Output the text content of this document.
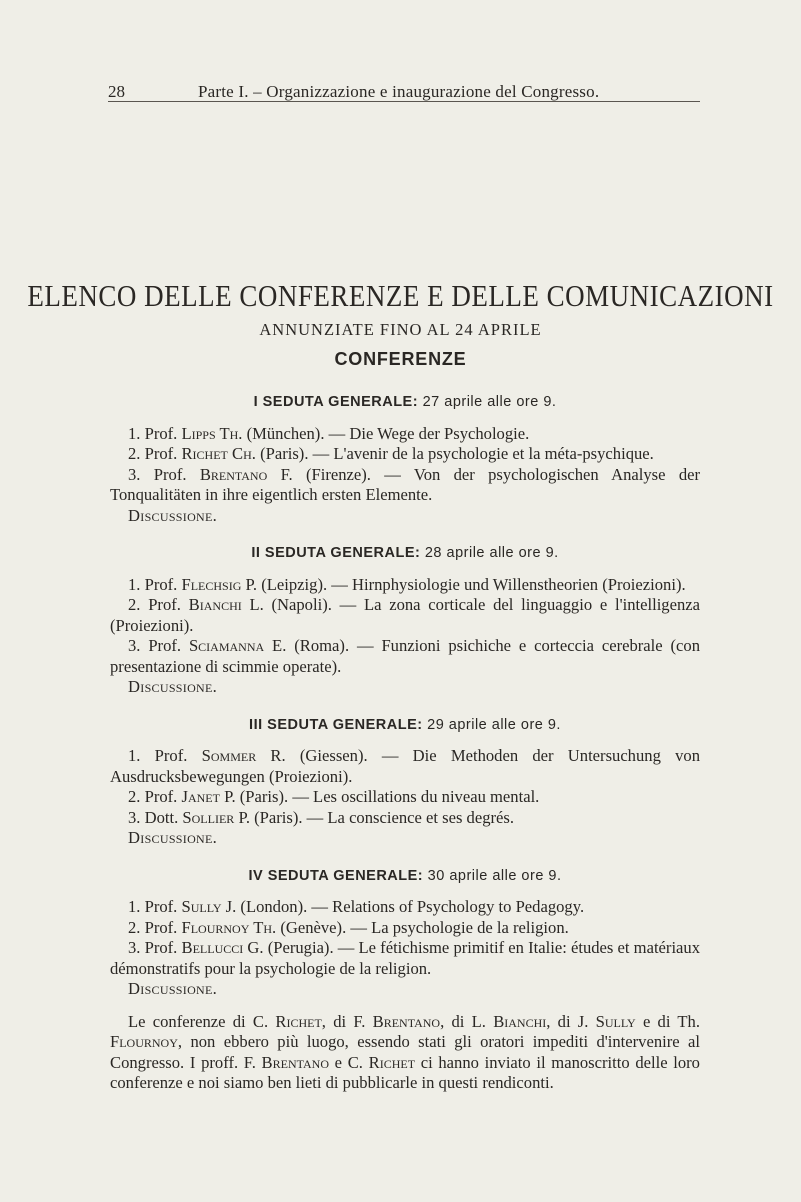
28	Parte I. – Organizzazione e inaugurazione del Congresso.
ELENCO DELLE CONFERENZE E DELLE COMUNICAZIONI
ANNUNZIATE FINO AL 24 APRILE
CONFERENZE

I SEDUTA GENERALE: 27 aprile alle ore 9.

1. Prof. Lipps Th. (München). — Die Wege der Psychologie.

2. Prof. Richet Ch. (Paris). — L'avenir de la psychologie et la méta-psychique.

3. Prof. Brentano F. (Firenze). — Von der psychologischen Analyse der Tonqualitäten in ihre eigentlich ersten Elemente.

Discussione.

II SEDUTA GENERALE: 28 aprile alle ore 9.

1. Prof. Flechsig P. (Leipzig). — Hirnphysiologie und Willenstheorien (Proiezioni).

2. Prof. Bianchi L. (Napoli). — La zona corticale del linguaggio e l'intelligenza (Proiezioni).

3. Prof. Sciamanna E. (Roma). — Funzioni psichiche e corteccia cerebrale (con presentazione di scimmie operate).

Discussione.

III SEDUTA GENERALE: 29 aprile alle ore 9.

1. Prof. Sommer R. (Giessen). — Die Methoden der Untersuchung von Ausdrucksbewegungen (Proiezioni).

2. Prof. Janet P. (Paris). — Les oscillations du niveau mental.

3. Dott. Sollier P. (Paris). — La conscience et ses degrés.

Discussione.

IV SEDUTA GENERALE: 30 aprile alle ore 9.

1. Prof. Sully J. (London). — Relations of Psychology to Pedagogy.

2. Prof. Flournoy Th. (Genève). — La psychologie de la religion.

3. Prof. Bellucci G. (Perugia). — Le fétichisme primitif en Italie: études et matériaux démonstratifs pour la psychologie de la religion.

Discussione.

Le conferenze di C. Richet, di F. Brentano, di L. Bianchi, di J. Sully e di Th. Flournoy, non ebbero più luogo, essendo stati gli oratori impediti d'intervenire al Congresso. I proff. F. Brentano e C. Richet ci hanno inviato il manoscritto delle loro conferenze e noi siamo ben lieti di pubblicarle in questi rendiconti.
